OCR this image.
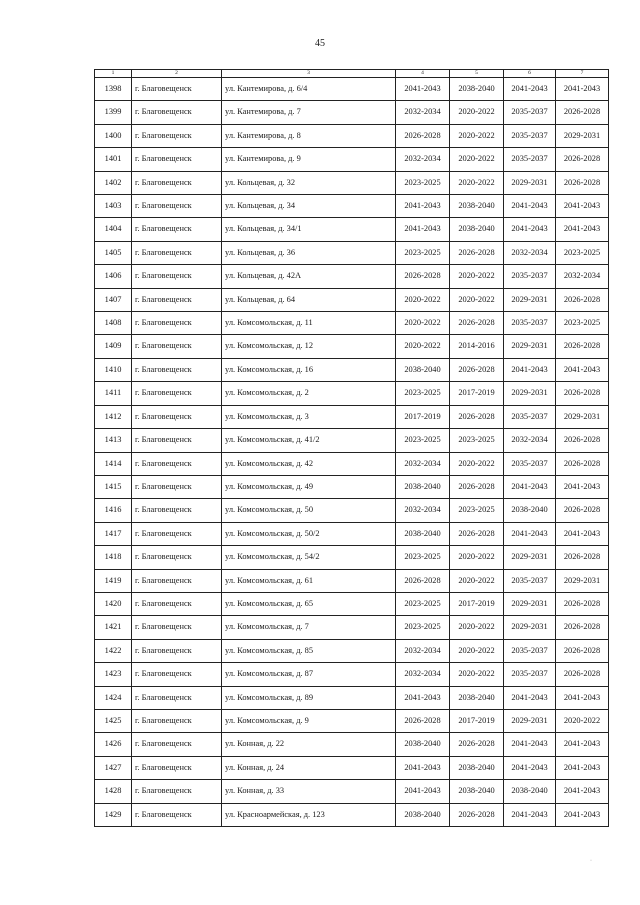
45
1	2	3	4	5	6	7
1398	г. Благовещенск	ул. Кантемирова, д. 6/4	2041-2043	2038-2040	2041-2043	2041-2043
1399	г. Благовещенск	ул. Кантемирова, д. 7	2032-2034	2020-2022	2035-2037	2026-2028
1400	г. Благовещенск	ул. Кантемирова, д. 8	2026-2028	2020-2022	2035-2037	2029-2031
1401	г. Благовещенск	ул. Кантемирова, д. 9	2032-2034	2020-2022	2035-2037	2026-2028
1402	г. Благовещенск	ул. Кольцевая, д. 32	2023-2025	2020-2022	2029-2031	2026-2028
1403	г. Благовещенск	ул. Кольцевая, д. 34	2041-2043	2038-2040	2041-2043	2041-2043
1404	г. Благовещенск	ул. Кольцевая, д. 34/1	2041-2043	2038-2040	2041-2043	2041-2043
1405	г. Благовещенск	ул. Кольцевая, д. 36	2023-2025	2026-2028	2032-2034	2023-2025
1406	г. Благовещенск	ул. Кольцевая, д. 42А	2026-2028	2020-2022	2035-2037	2032-2034
1407	г. Благовещенск	ул. Кольцевая, д. 64	2020-2022	2020-2022	2029-2031	2026-2028
1408	г. Благовещенск	ул. Комсомольская, д. 11	2020-2022	2026-2028	2035-2037	2023-2025
1409	г. Благовещенск	ул. Комсомольская, д. 12	2020-2022	2014-2016	2029-2031	2026-2028
1410	г. Благовещенск	ул. Комсомольская, д. 16	2038-2040	2026-2028	2041-2043	2041-2043
1411	г. Благовещенск	ул. Комсомольская, д. 2	2023-2025	2017-2019	2029-2031	2026-2028
1412	г. Благовещенск	ул. Комсомольская, д. 3	2017-2019	2026-2028	2035-2037	2029-2031
1413	г. Благовещенск	ул. Комсомольская, д. 41/2	2023-2025	2023-2025	2032-2034	2026-2028
1414	г. Благовещенск	ул. Комсомольская, д. 42	2032-2034	2020-2022	2035-2037	2026-2028
1415	г. Благовещенск	ул. Комсомольская, д. 49	2038-2040	2026-2028	2041-2043	2041-2043
1416	г. Благовещенск	ул. Комсомольская, д. 50	2032-2034	2023-2025	2038-2040	2026-2028
1417	г. Благовещенск	ул. Комсомольская, д. 50/2	2038-2040	2026-2028	2041-2043	2041-2043
1418	г. Благовещенск	ул. Комсомольская, д. 54/2	2023-2025	2020-2022	2029-2031	2026-2028
1419	г. Благовещенск	ул. Комсомольская, д. 61	2026-2028	2020-2022	2035-2037	2029-2031
1420	г. Благовещенск	ул. Комсомольская, д. 65	2023-2025	2017-2019	2029-2031	2026-2028
1421	г. Благовещенск	ул. Комсомольская, д. 7	2023-2025	2020-2022	2029-2031	2026-2028
1422	г. Благовещенск	ул. Комсомольская, д. 85	2032-2034	2020-2022	2035-2037	2026-2028
1423	г. Благовещенск	ул. Комсомольская, д. 87	2032-2034	2020-2022	2035-2037	2026-2028
1424	г. Благовещенск	ул. Комсомольская, д. 89	2041-2043	2038-2040	2041-2043	2041-2043
1425	г. Благовещенск	ул. Комсомольская, д. 9	2026-2028	2017-2019	2029-2031	2020-2022
1426	г. Благовещенск	ул. Конная, д. 22	2038-2040	2026-2028	2041-2043	2041-2043
1427	г. Благовещенск	ул. Конная, д. 24	2041-2043	2038-2040	2041-2043	2041-2043
1428	г. Благовещенск	ул. Конная, д. 33	2041-2043	2038-2040	2038-2040	2041-2043
1429	г. Благовещенск	ул. Красноармейская, д. 123	2038-2040	2026-2028	2041-2043	2041-2043
·
